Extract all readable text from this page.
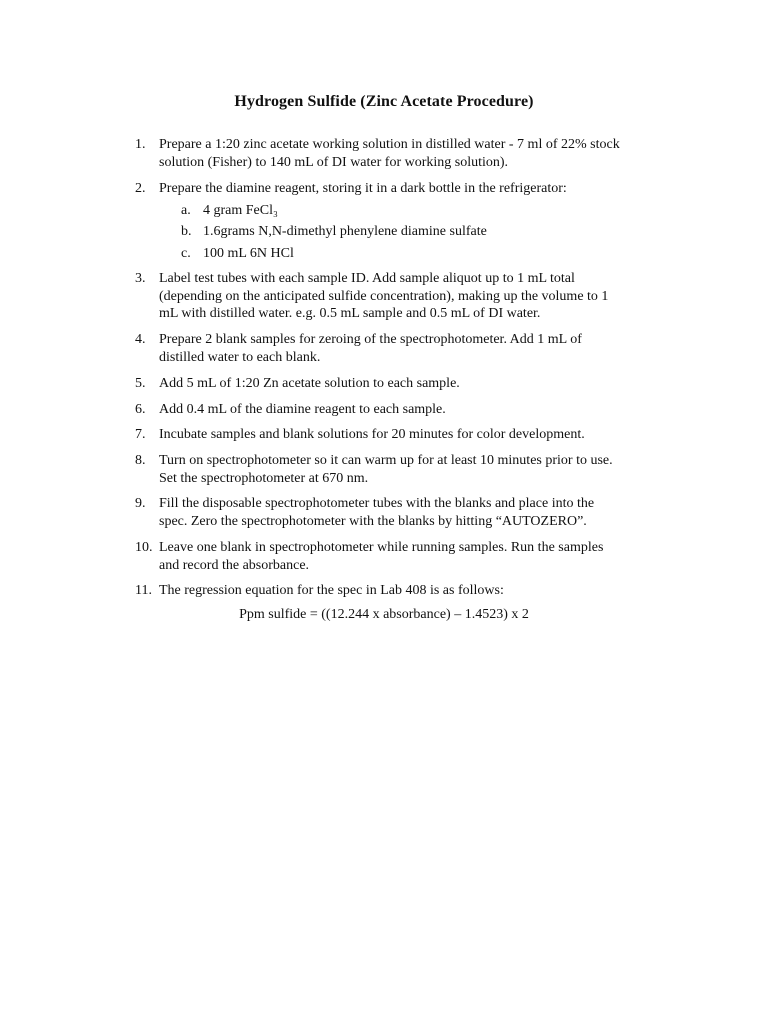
Hydrogen Sulfide (Zinc Acetate Procedure)
1. Prepare a 1:20 zinc acetate working solution in distilled water - 7 ml of 22% stock
solution (Fisher) to 140 mL of DI water for working solution).
2. Prepare the diamine reagent, storing it in a dark bottle in the refrigerator:
a. 4 gram FeCl₃
b. 1.6grams N,N-dimethyl phenylene diamine sulfate
c. 100 mL 6N HCl
3. Label test tubes with each sample ID. Add sample aliquot up to 1 mL total
(depending on the anticipated sulfide concentration), making up the volume to 1
mL with distilled water. e.g. 0.5 mL sample and 0.5 mL of DI water.
4. Prepare 2 blank samples for zeroing of the spectrophotometer. Add 1 mL of
distilled water to each blank.
5. Add 5 mL of 1:20 Zn acetate solution to each sample.
6. Add 0.4 mL of the diamine reagent to each sample.
7. Incubate samples and blank solutions for 20 minutes for color development.
8. Turn on spectrophotometer so it can warm up for at least 10 minutes prior to use.
Set the spectrophotometer at 670 nm.
9. Fill the disposable spectrophotometer tubes with the blanks and place into the
spec. Zero the spectrophotometer with the blanks by hitting “AUTOZERO”.
10. Leave one blank in spectrophotometer while running samples. Run the samples
and record the absorbance.
11. The regression equation for the spec in Lab 408 is as follows:
Ppm sulfide = ((12.244 x absorbance) – 1.4523) x 2
